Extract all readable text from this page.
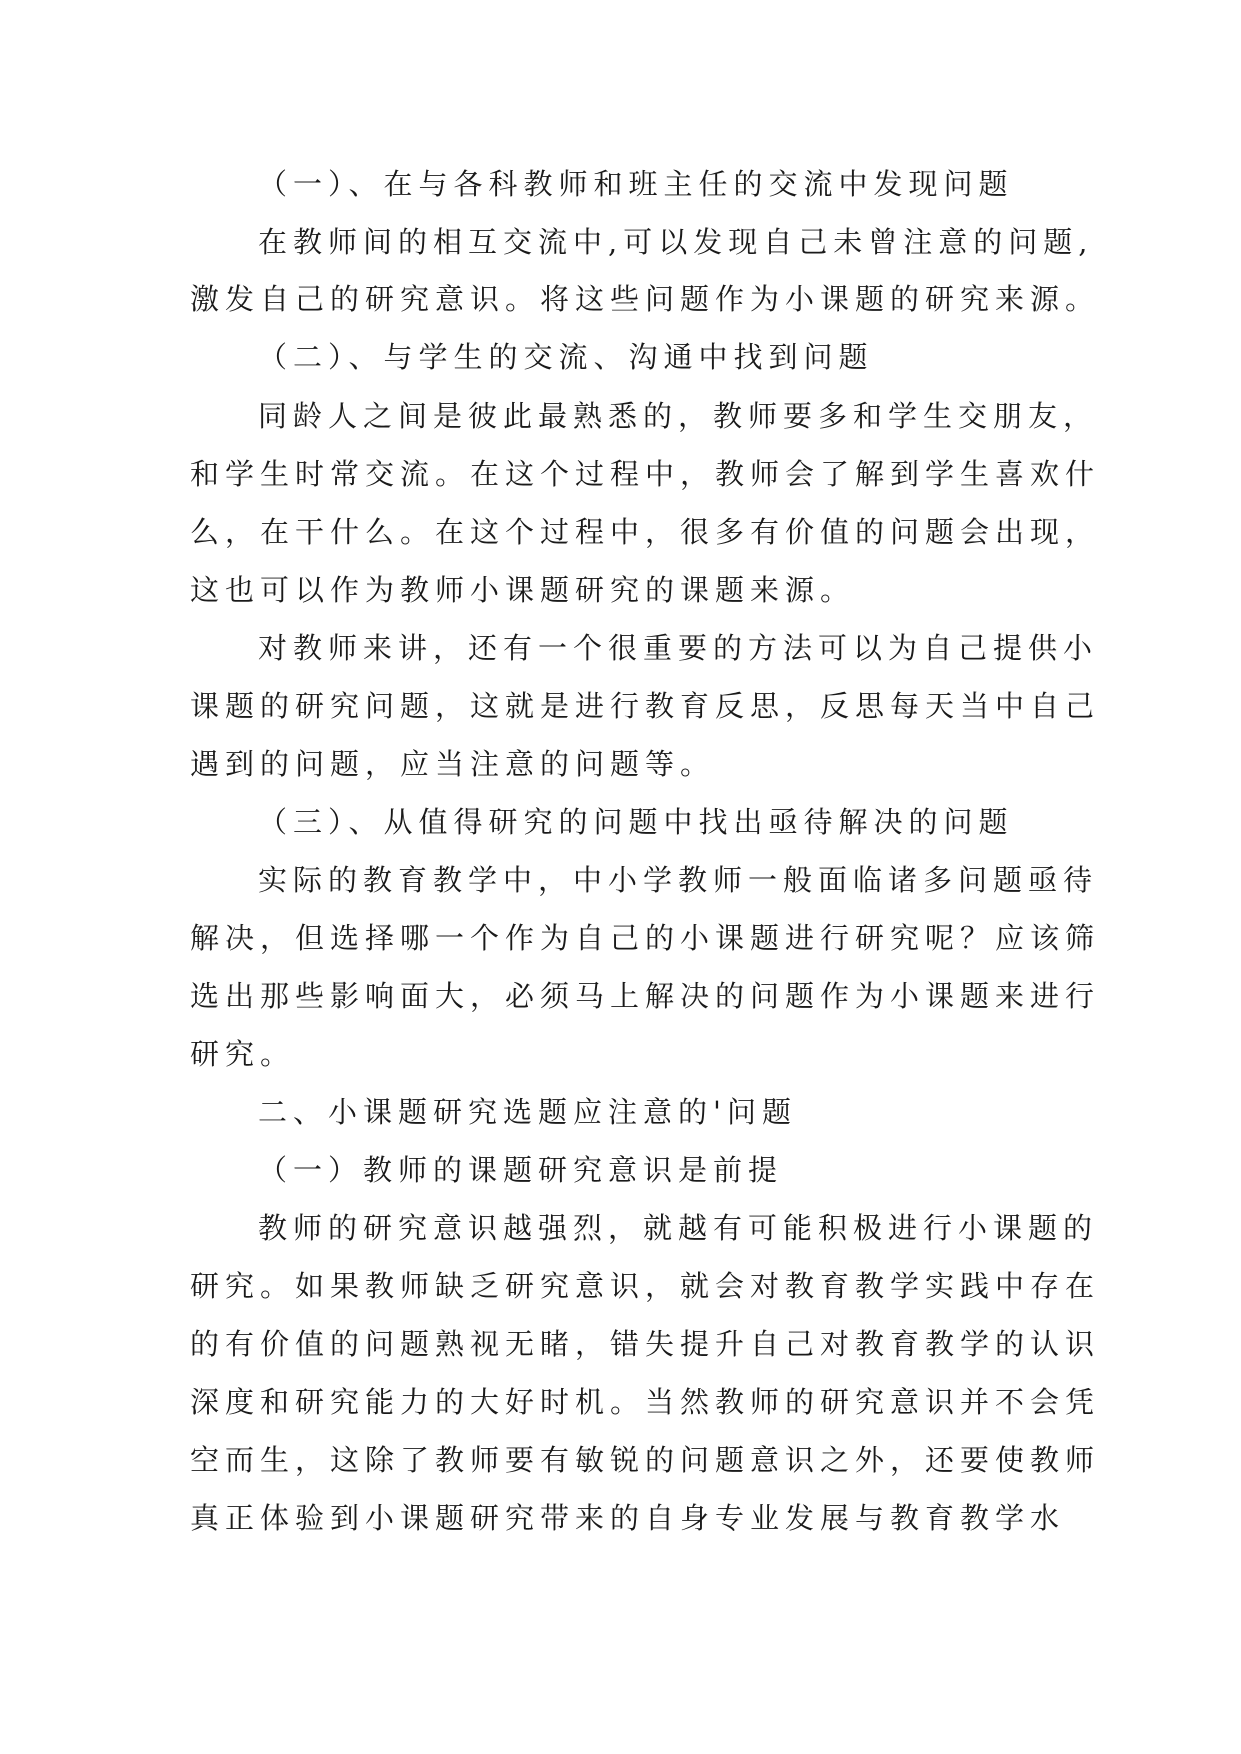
（一）、在与各科教师和班主任的交流中发现问题
在教师间的相互交流中,可以发现自己未曾注意的问题,
激发自己的研究意识。将这些问题作为小课题的研究来源。
（二）、与学生的交流、沟通中找到问题
同龄人之间是彼此最熟悉的，教师要多和学生交朋友，
和学生时常交流。在这个过程中，教师会了解到学生喜欢什
么，在干什么。在这个过程中，很多有价值的问题会出现，
这也可以作为教师小课题研究的课题来源。
对教师来讲，还有一个很重要的方法可以为自己提供小
课题的研究问题，这就是进行教育反思，反思每天当中自己
遇到的问题，应当注意的问题等。
（三）、从值得研究的问题中找出亟待解决的问题
实际的教育教学中，中小学教师一般面临诸多问题亟待
解决，但选择哪一个作为自己的小课题进行研究呢？应该筛
选出那些影响面大，必须马上解决的问题作为小课题来进行
研究。
二、小课题研究选题应注意的'问题
（一）教师的课题研究意识是前提
教师的研究意识越强烈，就越有可能积极进行小课题的
研究。如果教师缺乏研究意识，就会对教育教学实践中存在
的有价值的问题熟视无睹，错失提升自己对教育教学的认识
深度和研究能力的大好时机。当然教师的研究意识并不会凭
空而生，这除了教师要有敏锐的问题意识之外，还要使教师
真正体验到小课题研究带来的自身专业发展与教育教学水
